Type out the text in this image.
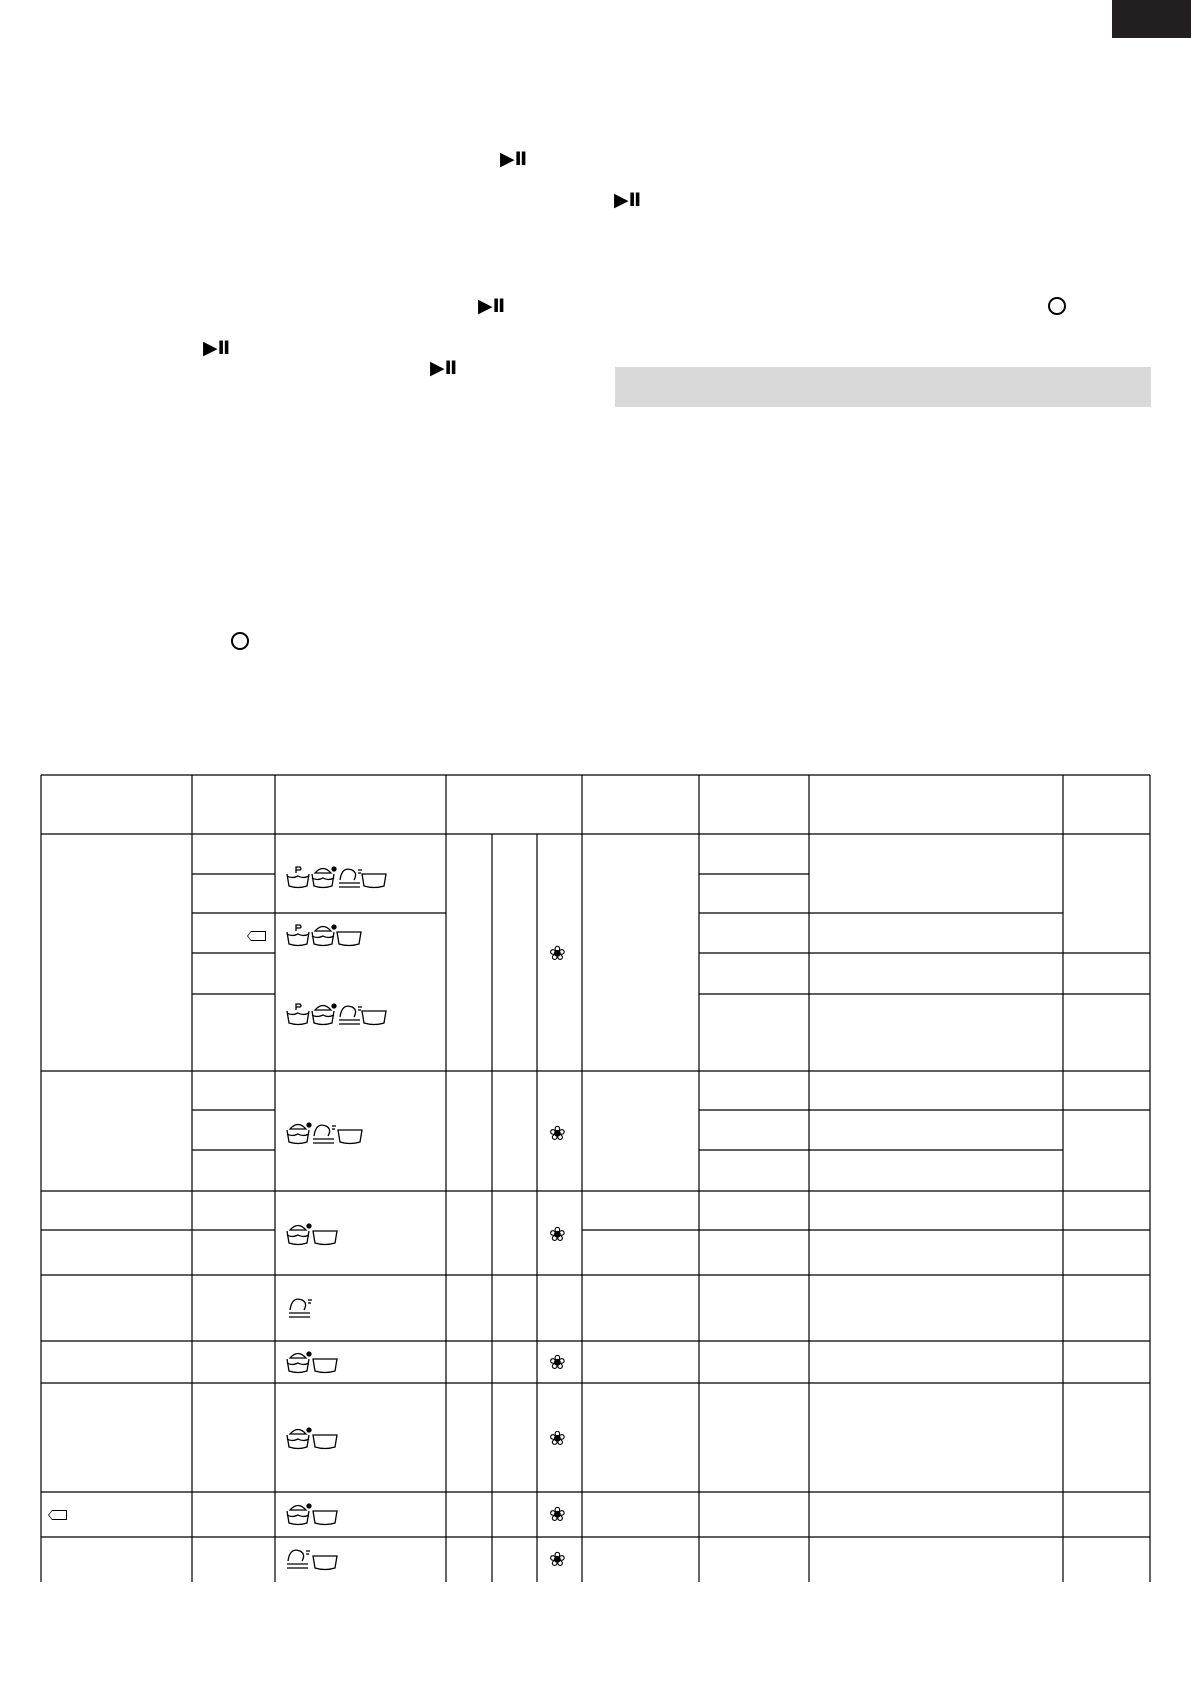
▶Ⅱ
▶Ⅱ
▶Ⅱ
▶Ⅱ
▶Ⅱ
❀
❀
❀
❀
❀
❀
❀
